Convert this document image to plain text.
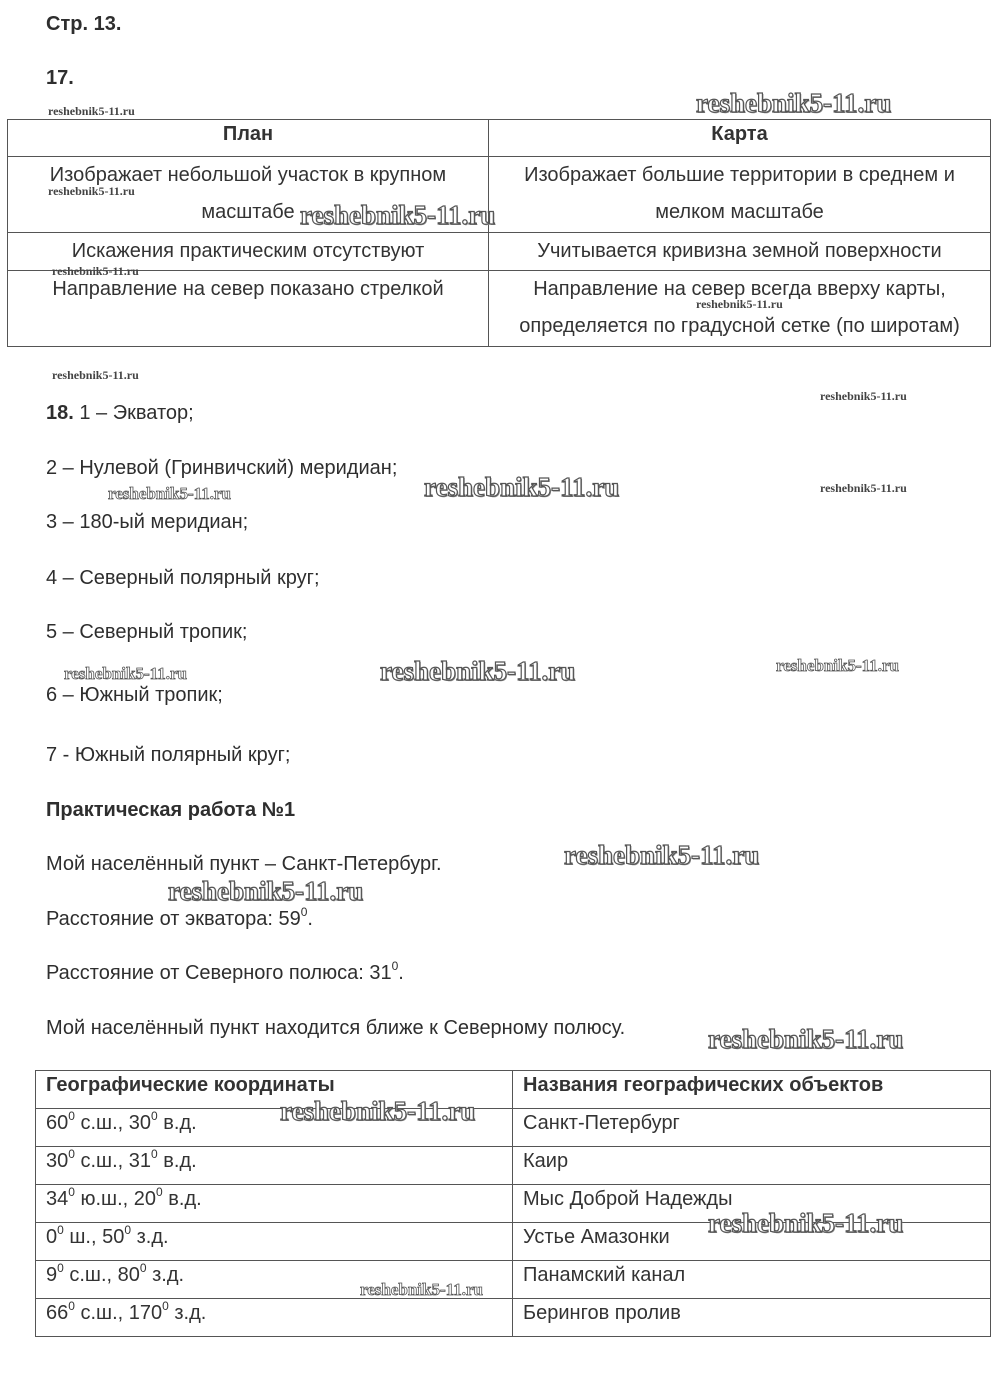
Стр. 13.
17.
План	Карта
Изображает небольшой участок в крупном масштабе	Изображает большие территории в среднем и мелком масштабе
Искажения практическим отсутствуют	Учитывается кривизна земной поверхности
Направление на север показано стрелкой	Направление на север всегда вверху карты, определяется по градусной сетке (по широтам)
18. 1 – Экватор;
2 – Нулевой (Гринвичский) меридиан;
3 – 180-ый меридиан;
4 – Северный полярный круг;
5 – Северный тропик;
6 – Южный тропик;
7 - Южный полярный круг;
Практическая работа №1
Мой населённый пункт – Санкт-Петербург.
Расстояние от экватора: $59^0$.
Расстояние от Северного полюса: $31^0$.
Мой населённый пункт находится ближе к Северному полюсу.
Географические координаты	Названия географических объектов
$60^0$ с.ш., $30^0$ в.д.	Санкт-Петербург
$30^0$ с.ш., $31^0$ в.д.	Каир
$34^0$ ю.ш., $20^0$ в.д.	Мыс Доброй Надежды
$0^0$ ш., $50^0$ з.д.	Устье Амазонки
$9^0$ с.ш., $80^0$ з.д.	Панамский канал
$66^0$ с.ш., $170^0$ з.д.	Берингов пролив
reshebnik5-11.ru	reshebnik5-11.ru
reshebnik5-11.ru
reshebnik5-11.ru
reshebnik5-11.ru
reshebnik5-11.ru
reshebnik5-11.ru
reshebnik5-11.ru
reshebnik5-11.ru	reshebnik5-11.ru	reshebnik5-11.ru
reshebnik5-11.ru	reshebnik5-11.ru	reshebnik5-11.ru
reshebnik5-11.ru
reshebnik5-11.ru
reshebnik5-11.ru
reshebnik5-11.ru
reshebnik5-11.ru
reshebnik5-11.ru
